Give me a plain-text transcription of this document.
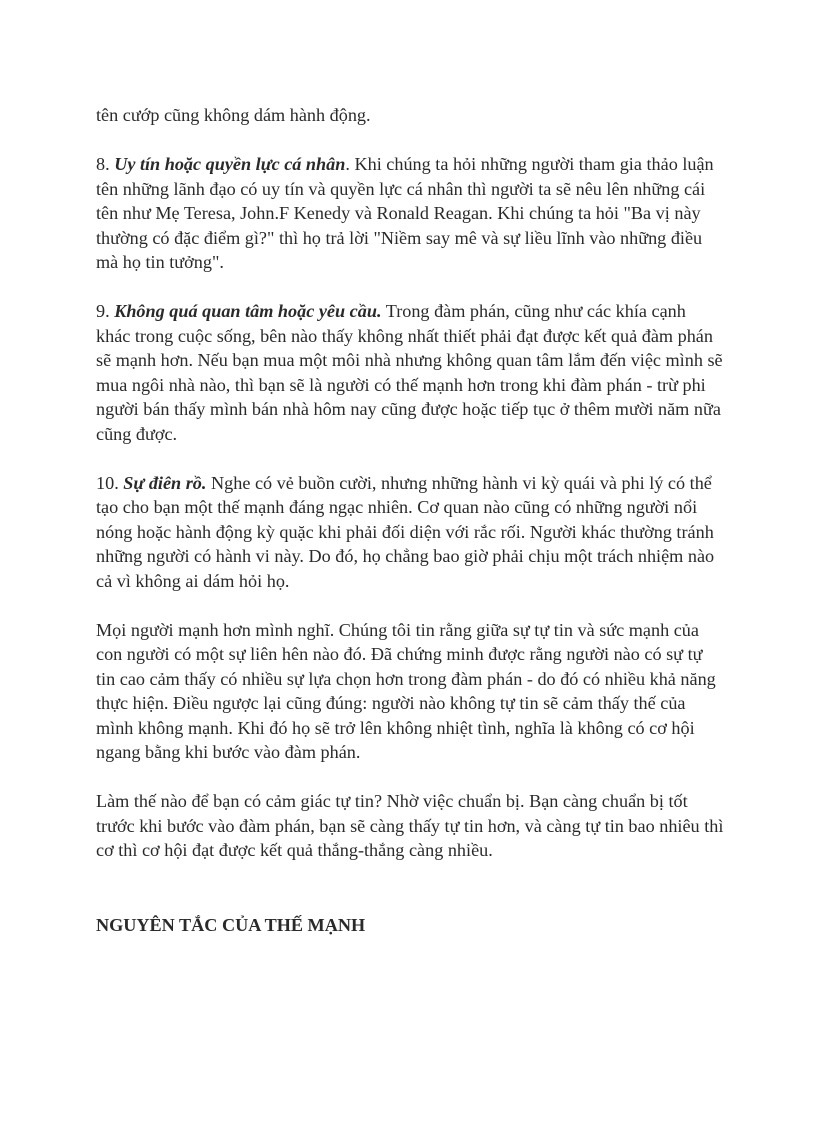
tên cướp cũng không dám hành động.

8. Uy tín hoặc quyền lực cá nhân. Khi chúng ta hỏi những người tham gia thảo luận tên những lãnh đạo có uy tín và quyền lực cá nhân thì người ta sẽ nêu lên những cái tên như Mẹ Teresa, John.F Kenedy và Ronald Reagan. Khi chúng ta hỏi "Ba vị này thường có đặc điểm gì?" thì họ trả lời "Niềm say mê và sự liều lĩnh vào những điều mà họ tin tưởng".

9. Không quá quan tâm hoặc yêu cầu. Trong đàm phán, cũng như các khía cạnh khác trong cuộc sống, bên nào thấy không nhất thiết phải đạt được kết quả đàm phán sẽ mạnh hơn. Nếu bạn mua một môi nhà nhưng không quan tâm lắm đến việc mình sẽ mua ngôi nhà nào, thì bạn sẽ là người có thế mạnh hơn trong khi đàm phán - trừ phi người bán thấy mình bán nhà hôm nay cũng được hoặc tiếp tục ở thêm mười năm nữa cũng được.

10. Sự điên rồ. Nghe có vẻ buồn cười, nhưng những hành vi kỳ quái và phi lý có thể tạo cho bạn một thế mạnh đáng ngạc nhiên. Cơ quan nào cũng có những người nổi nóng hoặc hành động kỳ quặc khi phải đối diện với rắc rối. Người khác thường tránh những người có hành vi này. Do đó, họ chẳng bao giờ phải chịu một trách nhiệm nào cả vì không ai dám hỏi họ.

Mọi người mạnh hơn mình nghĩ. Chúng tôi tin rằng giữa sự tự tin và sức mạnh của con người có một sự liên hên nào đó. Đã chứng minh được rằng người nào có sự tự tin cao cảm thấy có nhiều sự lựa chọn hơn trong đàm phán - do đó có nhiều khả năng thực hiện. Điều ngược lại cũng đúng: người nào không tự tin sẽ cảm thấy thế của mình không mạnh. Khi đó họ sẽ trở lên không nhiệt tình, nghĩa là không có cơ hội ngang bằng khi bước vào đàm phán.

Làm thế nào để bạn có cảm giác tự tin? Nhờ việc chuẩn bị. Bạn càng chuẩn bị tốt trước khi bước vào đàm phán, bạn sẽ càng thấy tự tin hơn, và càng tự tin bao nhiêu thì cơ thì cơ hội đạt được kết quả thắng-thắng càng nhiều.

NGUYÊN TẮC CỦA THẾ MẠNH
